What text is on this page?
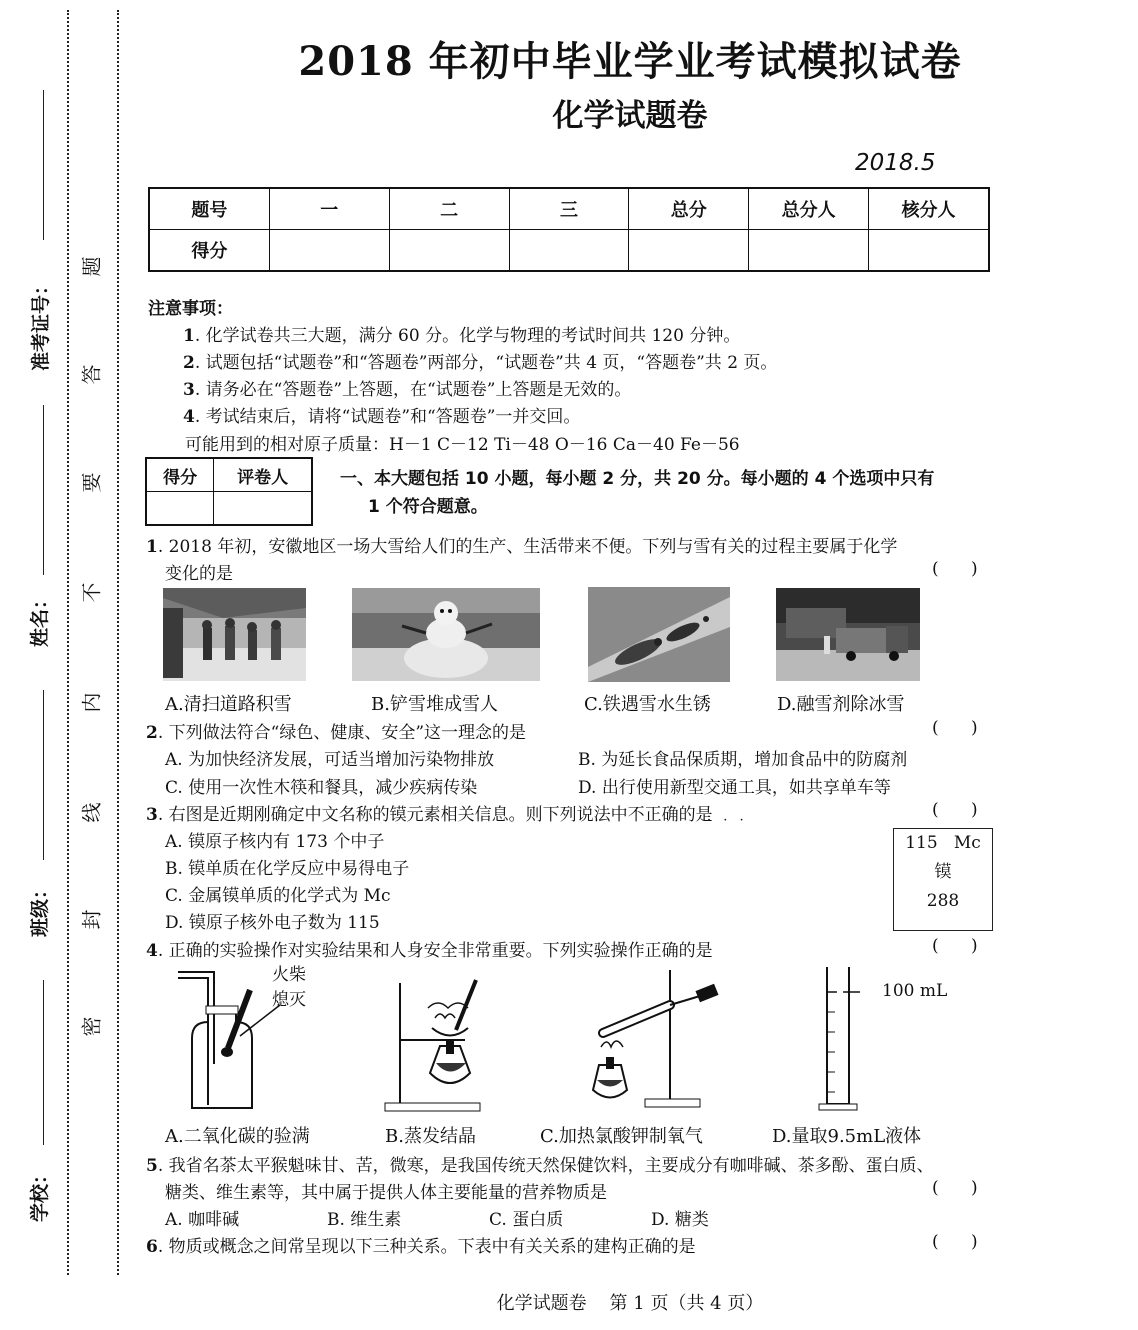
准考证号：
姓名：
班级：
学校：
题
答
要
不
内
线
封
密
2018 年初中毕业学业考试模拟试卷
化学试题卷
2018.5
题号	一	二	三	总分	总分人	核分人
得分						
注意事项：
1. 化学试卷共三大题，满分 60 分。化学与物理的考试时间共 120 分钟。
2. 试题包括“试题卷”和“答题卷”两部分，“试题卷”共 4 页，“答题卷”共 2 页。
3. 请务必在“答题卷”上答题，在“试题卷”上答题是无效的。
4. 考试结束后，请将“试题卷”和“答题卷”一并交回。
可能用到的相对原子质量：H－1 C－12 Ti－48 O－16 Ca－40 Fe－56
得分	评卷人
		一、本大题包括 10 小题，每小题 2 分，共 20 分。每小题的 4 个选项中只有
1 个符合题意。
1. 2018 年初，安徽地区一场大雪给人们的生产、生活带来不便。下列与雪有关的过程主要属于化学
变化的是	(      )
A.清扫道路积雪	B.铲雪堆成雪人	C.铁遇雪水生锈	D.融雪剂除冰雪
2. 下列做法符合“绿色、健康、安全”这一理念的是	(      )
A. 为加快经济发展，可适当增加污染物排放	B. 为延长食品保质期，增加食品中的防腐剂
C. 使用一次性木筷和餐具，减少疾病传染	D. 出行使用新型交通工具，如共享单车等
3. 右图是近期刚确定中文名称的镆元素相关信息。则下列说法中不正确的是
· · ·
(      )
A. 镆原子核内有 173 个中子
B. 镆单质在化学反应中易得电子
C. 金属镆单质的化学式为 Mc
D. 镆原子核外电子数为 115
115   Mc
镆
288
4. 正确的实验操作对实验结果和人身安全非常重要。下列实验操作正确的是	(      )
火柴
熄灭	100 mL
A.二氧化碳的验满	B.蒸发结晶	C.加热氯酸钾制氧气	D.量取9.5mL液体
5. 我省名茶太平猴魁味甘、苦，微寒，是我国传统天然保健饮料，主要成分有咖啡碱、茶多酚、蛋白质、
糖类、维生素等，其中属于提供人体主要能量的营养物质是	(      )
A. 咖啡碱	B. 维生素	C. 蛋白质	D. 糖类
6. 物质或概念之间常呈现以下三种关系。下表中有关关系的建构正确的是	(      )
化学试题卷    第 1 页（共 4 页）
